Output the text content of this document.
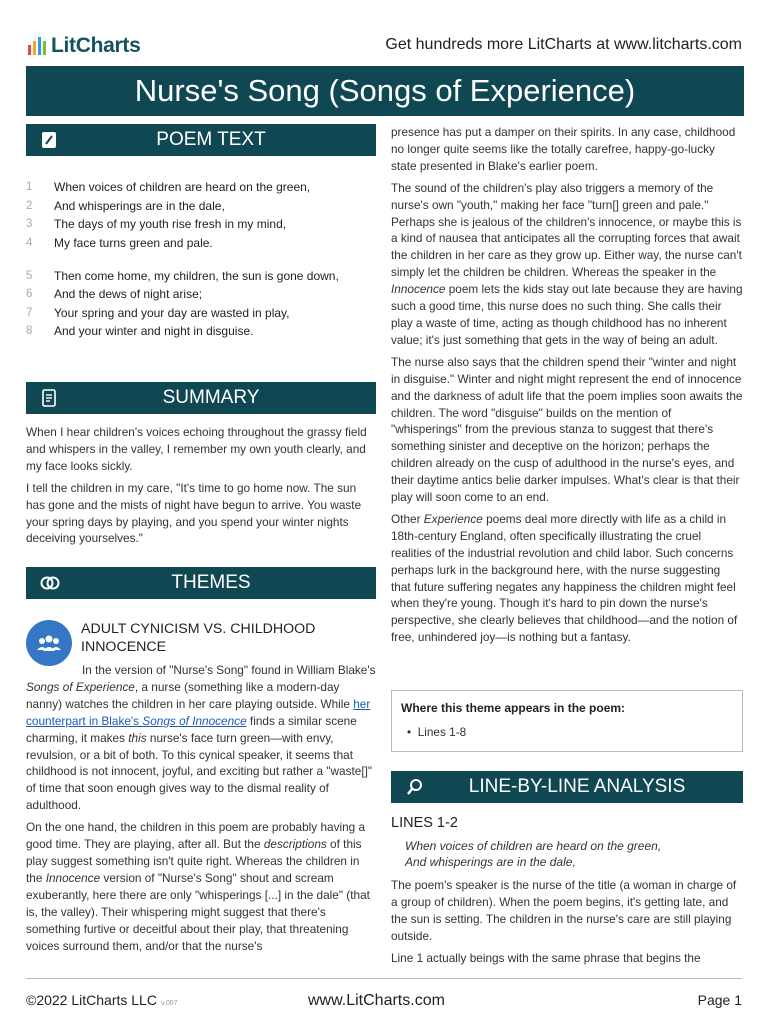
LitCharts	Get hundreds more LitCharts at www.litcharts.com
Nurse's Song (Songs of Experience)
POEM TEXT
1	When voices of children are heard on the green,
2	And whisperings are in the dale,
3	The days of my youth rise fresh in my mind,
4	My face turns green and pale.
5	Then come home, my children, the sun is gone down,
6	And the dews of night arise;
7	Your spring and your day are wasted in play,
8	And your winter and night in disguise.
SUMMARY

When I hear children's voices echoing throughout the grassy field and whispers in the valley, I remember my own youth clearly, and my face looks sickly.

I tell the children in my care, "It's time to go home now. The sun has gone and the mists of night have begun to arrive. You waste your spring days by playing, and you spend your winter nights deceiving yourselves."

THEMES
ADULT CYNICISM VS. CHILDHOOD INNOCENCE

In the version of "Nurse's Song" found in William Blake's Songs of Experience, a nurse (something like a modern-day nanny) watches the children in her care playing outside. While her counterpart in Blake's Songs of Innocence finds a similar scene charming, it makes this nurse's face turn green—with envy, revulsion, or a bit of both. To this cynical speaker, it seems that childhood is not innocent, joyful, and exciting but rather a "waste[]" of time that soon enough gives way to the dismal reality of adulthood.

On the one hand, the children in this poem are probably having a good time. They are playing, after all. But the descriptions of this play suggest something isn't quite right. Whereas the children in the Innocence version of "Nurse's Song" shout and scream exuberantly, here there are only "whisperings [...] in the dale" (that is, the valley). Their whispering might suggest that there's something furtive or deceitful about their play, that threatening voices surround them, and/or that the nurse's

presence has put a damper on their spirits. In any case, childhood no longer quite seems like the totally carefree, happy-go-lucky state presented in Blake's earlier poem.

The sound of the children's play also triggers a memory of the nurse's own "youth," making her face "turn[] green and pale." Perhaps she is jealous of the children's innocence, or maybe this is a kind of nausea that anticipates all the corrupting forces that await the children in her care as they grow up. Either way, the nurse can't simply let the children be children. Whereas the speaker in the Innocence poem lets the kids stay out late because they are having such a good time, this nurse does no such thing. She calls their play a waste of time, acting as though childhood has no inherent value; it's just something that gets in the way of being an adult.

The nurse also says that the children spend their "winter and night in disguise." Winter and night might represent the end of innocence and the darkness of adult life that the poem implies soon awaits the children. The word "disguise" builds on the mention of "whisperings" from the previous stanza to suggest that there's something sinister and deceptive on the horizon; perhaps the children already on the cusp of adulthood in the nurse's eyes, and their daytime antics belie darker impulses. What's clear is that their play will soon come to an end.

Other Experience poems deal more directly with life as a child in 18th-century England, often specifically illustrating the cruel realities of the industrial revolution and child labor. Such concerns perhaps lurk in the background here, with the nurse suggesting that future suffering negates any happiness the children might feel when they're young. Though it's hard to pin down the nurse's perspective, she clearly believes that childhood—and the notion of free, unhindered joy—is nothing but a fantasy.

Where this theme appears in the poem:
•  Lines 1-8
LINE-BY-LINE ANALYSIS
LINES 1-2
When voices of children are heard on the green,
And whisperings are in the dale,

The poem's speaker is the nurse of the title (a woman in charge of a group of children). When the poem begins, it's getting late, and the sun is setting. The children in the nurse's care are still playing outside.

Line 1 actually beings with the same phrase that begins the

©2022 LitCharts LLC v.007	www.LitCharts.com	Page 1
